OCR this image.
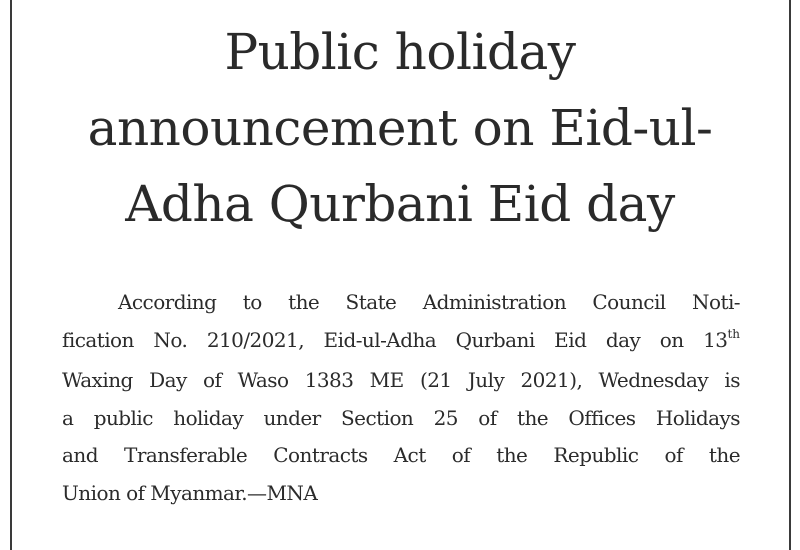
Public holiday
announcement on Eid-ul-
Adha Qurbani Eid day
According to the State Administration Council Noti-
fication No. 210/2021, Eid-ul-Adha Qurbani Eid day on 13th
Waxing Day of Waso 1383 ME (21 July 2021), Wednesday is
a public holiday under Section 25 of the Offices Holidays
and Transferable Contracts Act of the Republic of the
Union of Myanmar.—MNA
